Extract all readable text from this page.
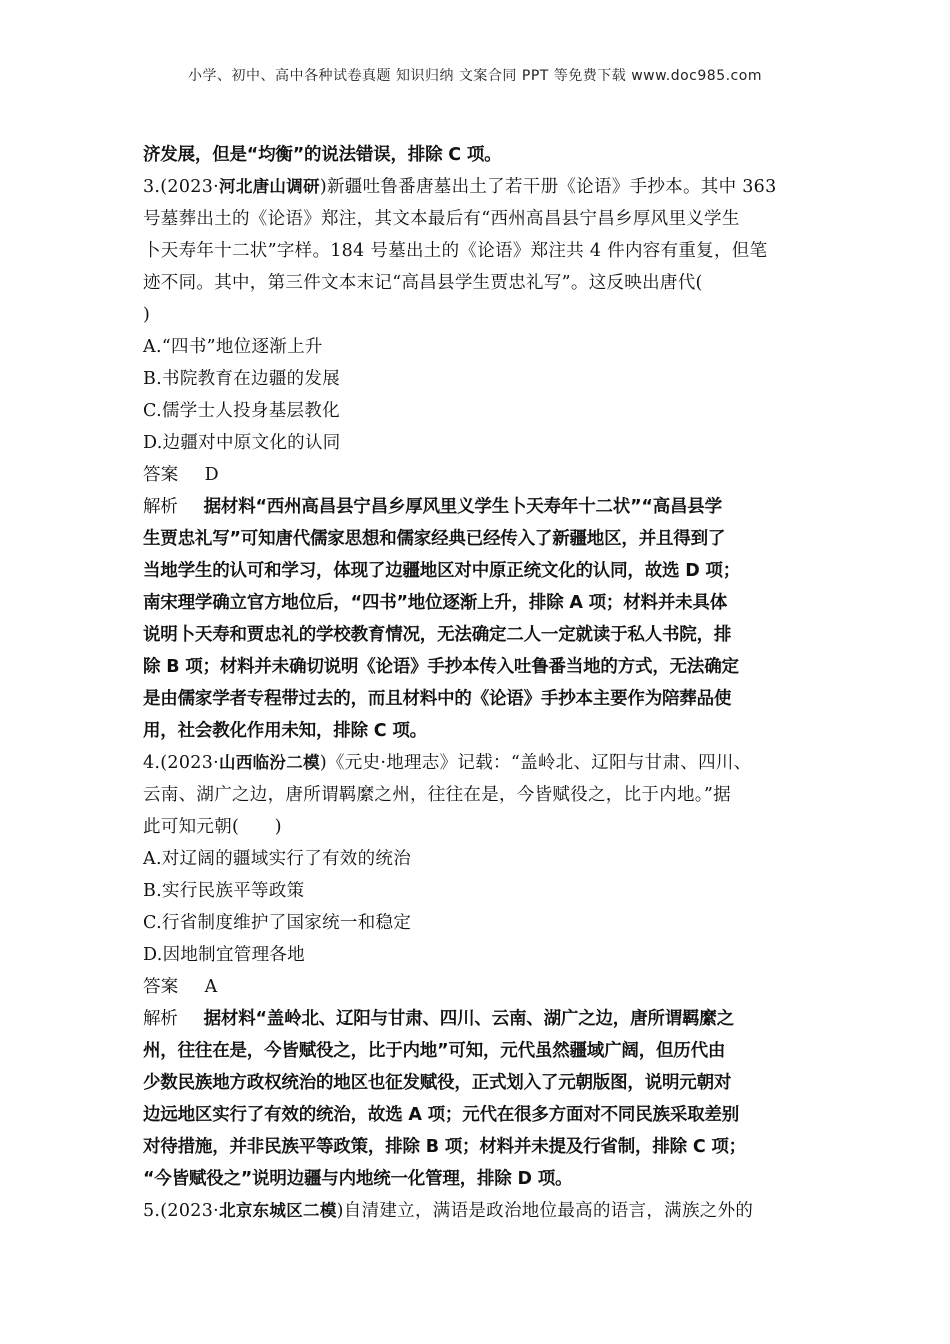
小学、初中、高中各种试卷真题 知识归纳 文案合同 PPT 等免费下载 www.doc985.com
济发展，但是“均衡”的说法错误，排除 C 项。
3.(2023·河北唐山调研)新疆吐鲁番唐墓出土了若干册《论语》手抄本。其中 363
号墓葬出土的《论语》郑注，其文本最后有“西州高昌县宁昌乡厚风里义学生
卜天寿年十二状”字样。184 号墓出土的《论语》郑注共 4 件内容有重复，但笔
迹不同。其中，第三件文本末记“高昌县学生贾忠礼写”。这反映出唐代(
)
A.“四书”地位逐渐上升
B.书院教育在边疆的发展
C.儒学士人投身基层教化
D.边疆对中原文化的认同
答案 D
解析 据材料“西州高昌县宁昌乡厚风里义学生卜天寿年十二状”“高昌县学
生贾忠礼写”可知唐代儒家思想和儒家经典已经传入了新疆地区，并且得到了
当地学生的认可和学习，体现了边疆地区对中原正统文化的认同，故选 D 项；
南宋理学确立官方地位后，“四书”地位逐渐上升，排除 A 项；材料并未具体
说明卜天寿和贾忠礼的学校教育情况，无法确定二人一定就读于私人书院，排
除 B 项；材料并未确切说明《论语》手抄本传入吐鲁番当地的方式，无法确定
是由儒家学者专程带过去的，而且材料中的《论语》手抄本主要作为陪葬品使
用，社会教化作用未知，排除 C 项。
4.(2023·山西临汾二模)《元史·地理志》记载：“盖岭北、辽阳与甘肃、四川、
云南、湖广之边，唐所谓羁縻之州，往往在是，今皆赋役之，比于内地。”据
此可知元朝(　　)
A.对辽阔的疆域实行了有效的统治
B.实行民族平等政策
C.行省制度维护了国家统一和稳定
D.因地制宜管理各地
答案 A
解析 据材料“盖岭北、辽阳与甘肃、四川、云南、湖广之边，唐所谓羁縻之
州，往往在是，今皆赋役之，比于内地”可知，元代虽然疆域广阔，但历代由
少数民族地方政权统治的地区也征发赋役，正式划入了元朝版图，说明元朝对
边远地区实行了有效的统治，故选 A 项；元代在很多方面对不同民族采取差别
对待措施，并非民族平等政策，排除 B 项；材料并未提及行省制，排除 C 项；
“今皆赋役之”说明边疆与内地统一化管理，排除 D 项。
5.(2023·北京东城区二模)自清建立，满语是政治地位最高的语言，满族之外的
